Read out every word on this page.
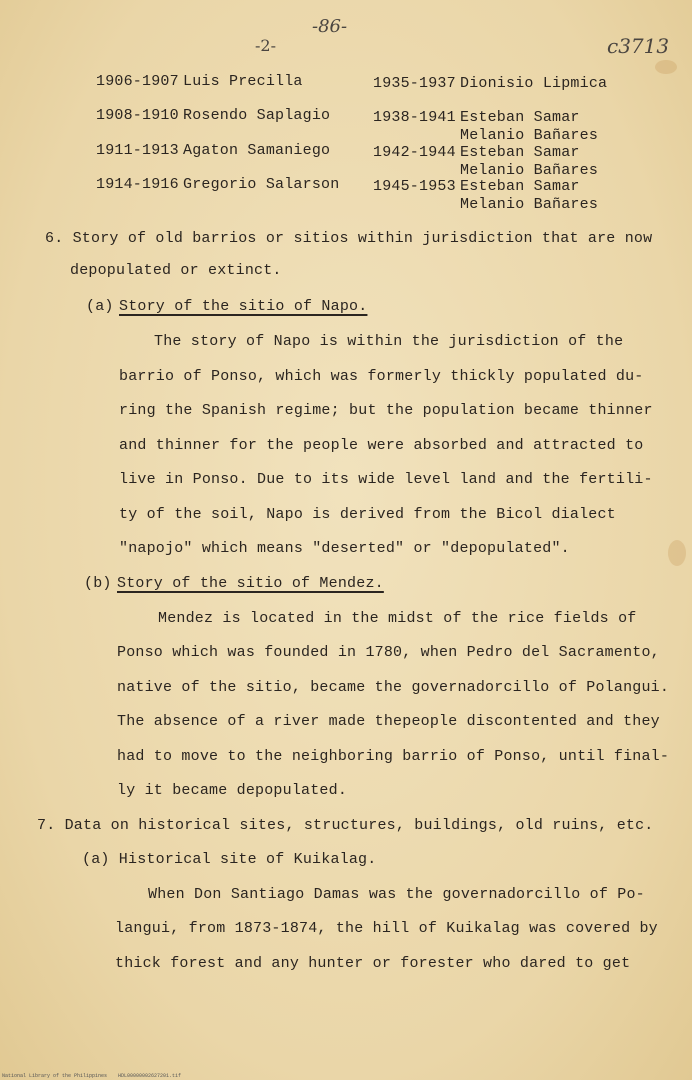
-86-
-2-	c3713
1906-1907 Luis Precilla	1935-1937 Dionisio Lipmica
1908-1910 Rosendo Saplagio	1938-1941 Esteban Samar
Melanio Bañares
1911-1913 Agaton Samaniego	1942-1944 Esteban Samar
Melanio Bañares
1914-1916 Gregorio Salarson 1945-1953 Esteban Samar
Melanio Bañares
6. Story of old barrios or sitios within jurisdiction that are now
depopulated or extinct.
(a) Story of the sitio of Napo.
The story of Napo is within the jurisdiction of the
barrio of Ponso, which was formerly thickly populated du-
ring the Spanish regime; but the population became thinner
and thinner for the people were absorbed and attracted to
live in Ponso. Due to its wide level land and the fertili-
ty of the soil, Napo is derived from the Bicol dialect
"napojo" which means "deserted" or "depopulated".
(b) Story of the sitio of Mendez.
Mendez is located in the midst of the rice fields of
Ponso which was founded in 1780, when Pedro del Sacramento,
native of the sitio, became the governadorcillo of Polangui.
The absence of a river made thepeople discontented and they
had to move to the neighboring barrio of Ponso, until final-
ly it became depopulated.
7. Data on historical sites, structures, buildings, old ruins, etc.
(a) Historical site of Kuikalag.
When Don Santiago Damas was the governadorcillo of Po-
langui, from 1873-1874, the hill of Kuikalag was covered by
thick forest and any hunter or forester who dared to get
National Library of the Philippines HDL00000002627201.tif
